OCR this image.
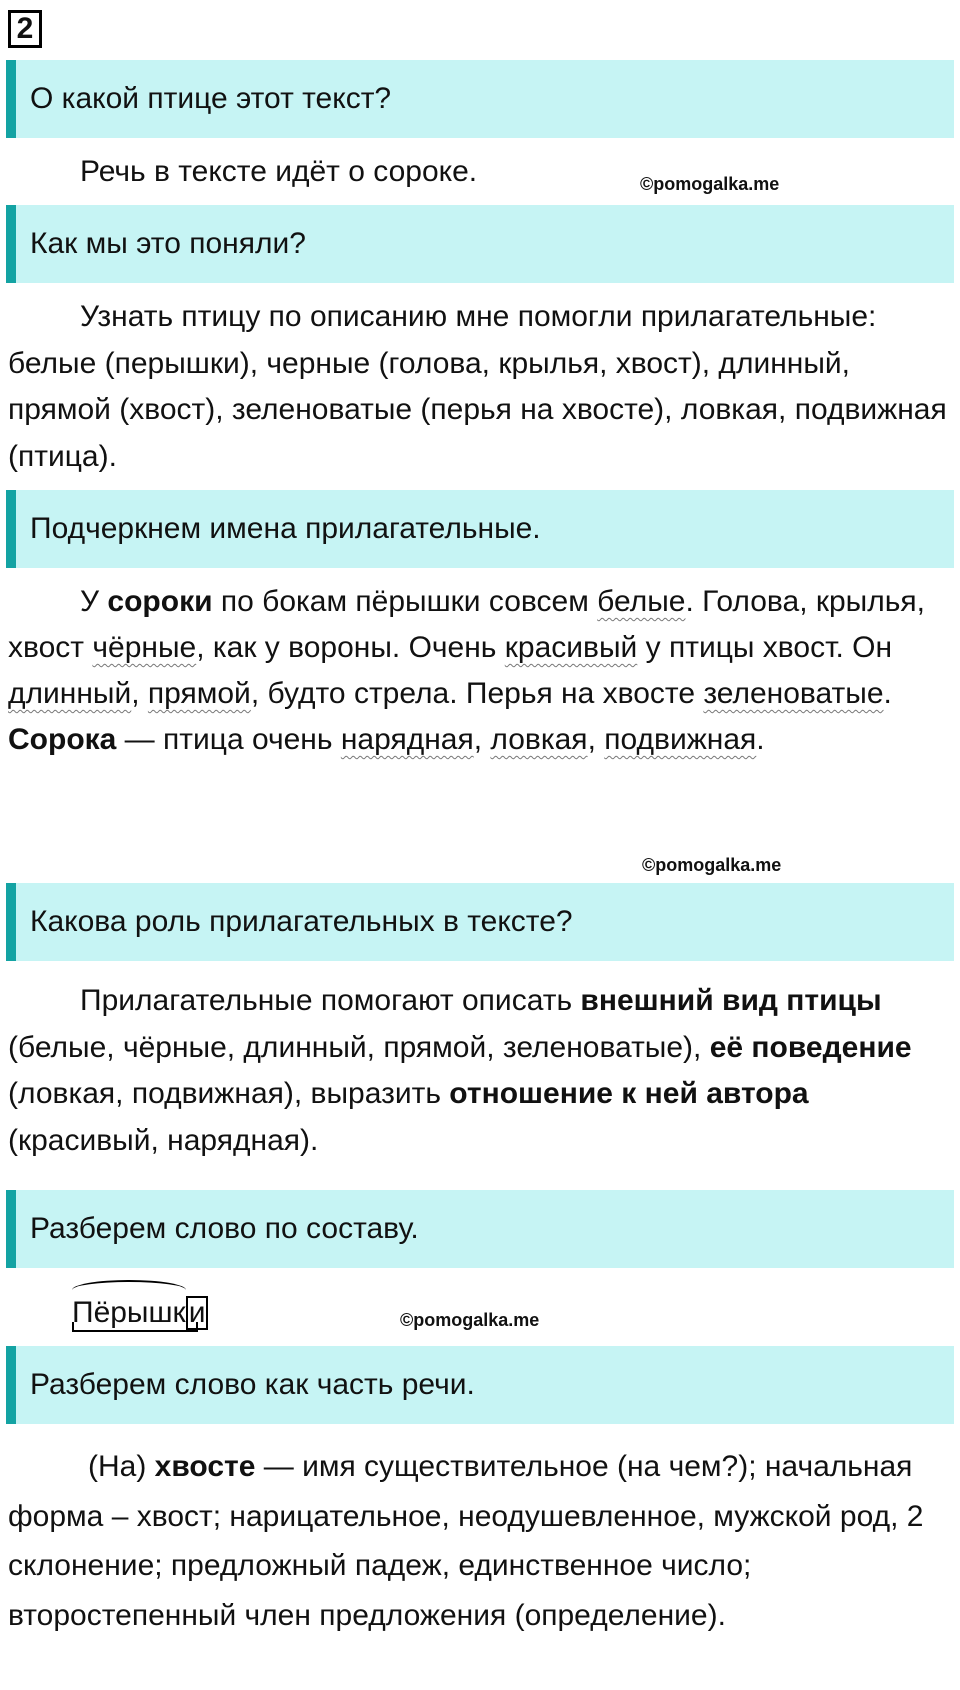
2
О какой птице этот текст?

Речь в тексте идёт о сороке.	©pomogalka.me
Как мы это поняли?

Узнать птицу по описанию мне помогли прилагательные: белые (перышки), черные (голова, крылья, хвост), длинный, прямой (хвост), зеленоватые (перья на хвосте), ловкая, подвижная (птица).

Подчеркнем имена прилагательные.

У сороки по бокам пёрышки совсем белые. Голова, крылья, хвост чёрные, как у вороны. Очень красивый у птицы хвост. Он длинный, прямой, будто стрела. Перья на хвосте зеленоватые. Сорока — птица очень нарядная, ловкая, подвижная.

©pomogalka.me
Какова роль прилагательных в тексте?

Прилагательные помогают описать внешний вид птицы (белые, чёрные, длинный, прямой, зеленоватые), её поведение (ловкая, подвижная), выразить отношение к ней автора (красивый, нарядная).

Разберем слово по составу.
Пёрышк и	©pomogalka.me
Разберем слово как часть речи.

(На) хвосте — имя существительное (на чем?); начальная форма – хвост; нарицательное, неодушевленное, мужской род, 2 склонение; предложный падеж, единственное число; второстепенный член предложения (определение).
